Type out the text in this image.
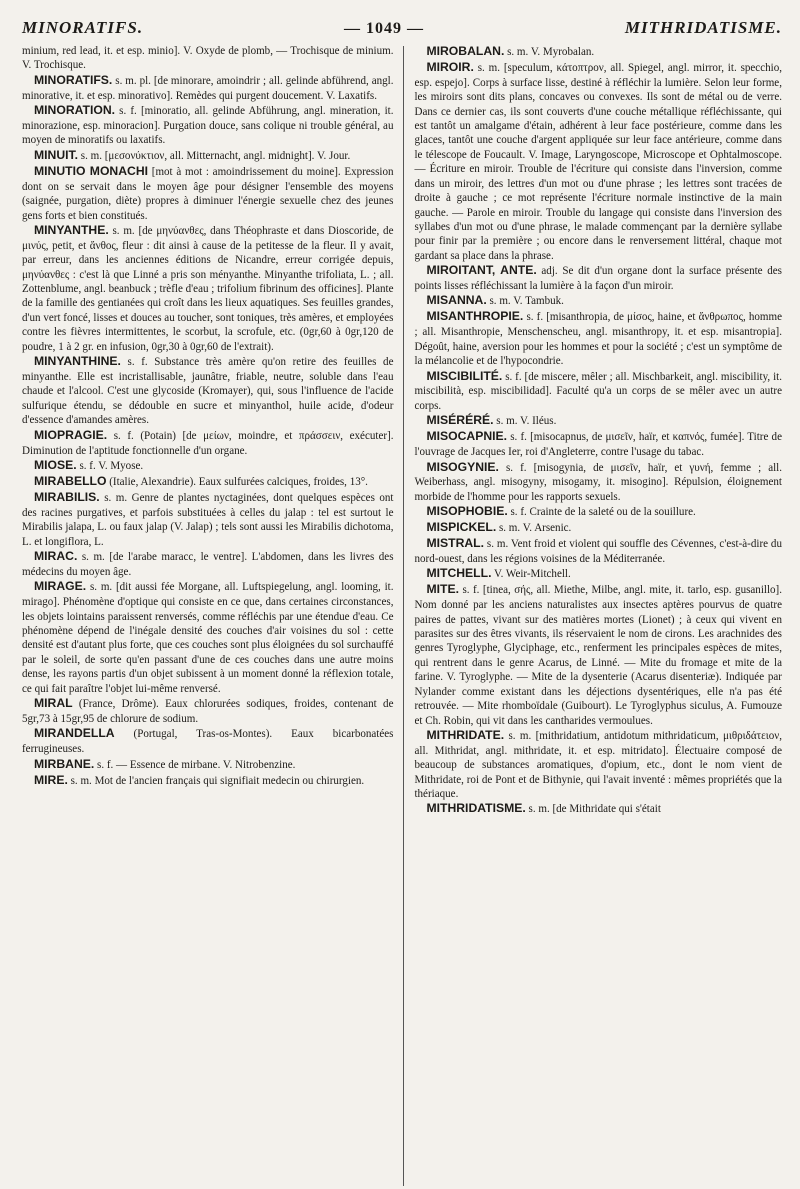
MINORATIFS.	— 1049 —	MITHRIDATISME.

minium, red lead, it. et esp. minio]. V. Oxyde de plomb, — Trochisque de minium. V. Trochisque.

MINORATIFS. s. m. pl. [de minorare, amoindrir ; all. gelinde abführend, angl. minorative, it. et esp. minorativo]. Remèdes qui purgent doucement. V. Laxatifs.

MINORATION. s. f. [minoratio, all. gelinde Abführung, angl. mineration, it. minorazione, esp. minoracion]. Purgation douce, sans colique ni trouble général, au moyen de minoratifs ou laxatifs.

MINUIT. s. m. [μεσονύκτιον, all. Mitternacht, angl. midnight]. V. Jour.

MINUTIO MONACHI [mot à mot : amoindrissement du moine]. Expression dont on se servait dans le moyen âge pour désigner l'ensemble des moyens (saignée, purgation, diète) propres à diminuer l'énergie sexuelle chez des jeunes gens forts et bien constitués.

MINYANTHE. s. m. [de μηνύανθες, dans Théophraste et dans Dioscoride, de μινύς, petit, et ἄνθος, fleur : dit ainsi à cause de la petitesse de la fleur. Il y avait, par erreur, dans les anciennes éditions de Nicandre, erreur corrigée depuis, μηνύανθες : c'est là que Linné a pris son ményanthe. Minyanthe trifoliata, L. ; all. Zottenblume, angl. beanbuck ; trèfle d'eau ; trifolium fibrinum des officines]. Plante de la famille des gentianées qui croît dans les lieux aquatiques. Ses feuilles grandes, d'un vert foncé, lisses et douces au toucher, sont toniques, très amères, et employées contre les fièvres intermittentes, le scorbut, la scrofule, etc. (0gr,60 à 0gr,120 de poudre, 1 à 2 gr. en infusion, 0gr,30 à 0gr,60 de l'extrait).

MINYANTHINE. s. f. Substance très amère qu'on retire des feuilles de minyanthe. Elle est incristallisable, jaunâtre, friable, neutre, soluble dans l'eau chaude et l'alcool. C'est une glycoside (Kromayer), qui, sous l'influence de l'acide sulfurique étendu, se dédouble en sucre et minyanthol, huile acide, d'odeur d'essence d'amandes amères.

MIOPRAGIE. s. f. (Potain) [de μείων, moindre, et πράσσειν, exécuter]. Diminution de l'aptitude fonctionnelle d'un organe.

MIOSE. s. f. V. Myose.

MIRABELLO (Italie, Alexandrie). Eaux sulfurées calciques, froides, 13°.

MIRABILIS. s. m. Genre de plantes nyctaginées, dont quelques espèces ont des racines purgatives, et parfois substituées à celles du jalap : tel est surtout le Mirabilis jalapa, L. ou faux jalap (V. Jalap) ; tels sont aussi les Mirabilis dichotoma, L. et longiflora, L.

MIRAC. s. m. [de l'arabe maracc, le ventre]. L'abdomen, dans les livres des médecins du moyen âge.

MIRAGE. s. m. [dit aussi fée Morgane, all. Luftspiegelung, angl. looming, it. mirago]. Phénomène d'optique qui consiste en ce que, dans certaines circonstances, les objets lointains paraissent renversés, comme réfléchis par une étendue d'eau. Ce phénomène dépend de l'inégale densité des couches d'air voisines du sol : cette densité est d'autant plus forte, que ces couches sont plus éloignées du sol surchauffé par le soleil, de sorte qu'en passant d'une de ces couches dans une autre moins dense, les rayons partis d'un objet subissent à un moment donné la réflexion totale, ce qui fait paraître l'objet lui-même renversé.

MIRAL (France, Drôme). Eaux chlorurées sodiques, froides, contenant de 5gr,73 à 15gr,95 de chlorure de sodium.

MIRANDELLA (Portugal, Tras-os-Montes). Eaux bicarbonatées ferrugineuses.

MIRBANE. s. f. — Essence de mirbane. V. Nitrobenzine.

MIRE. s. m. Mot de l'ancien français qui signifiait medecin ou chirurgien.

MIROBALAN. s. m. V. Myrobalan.

MIROIR. s. m. [speculum, κάτοπτρον, all. Spiegel, angl. mirror, it. specchio, esp. espejo]. Corps à surface lisse, destiné à réfléchir la lumière. Selon leur forme, les miroirs sont dits plans, concaves ou convexes. Ils sont de métal ou de verre. Dans ce dernier cas, ils sont couverts d'une couche métallique réfléchissante, qui est tantôt un amalgame d'étain, adhérent à leur face postérieure, comme dans les glaces, tantôt une couche d'argent appliquée sur leur face antérieure, comme dans le télescope de Foucault. V. Image, Laryngoscope, Microscope et Ophtalmoscope. — Écriture en miroir. Trouble de l'écriture qui consiste dans l'inversion, comme dans un miroir, des lettres d'un mot ou d'une phrase ; les lettres sont tracées de droite à gauche ; ce mot représente l'écriture normale instinctive de la main gauche. — Parole en miroir. Trouble du langage qui consiste dans l'inversion des syllabes d'un mot ou d'une phrase, le malade commençant par la dernière syllabe pour finir par la première ; ou encore dans le renversement littéral, chaque mot gardant sa place dans la phrase.

MIROITANT, ANTE. adj. Se dit d'un organe dont la surface présente des points lisses réfléchissant la lumière à la façon d'un miroir.

MISANNA. s. m. V. Tambuk.

MISANTHROPIE. s. f. [misanthropia, de μίσος, haine, et ἄνθρωπος, homme ; all. Misanthropie, Menschenscheu, angl. misanthropy, it. et esp. misantropia]. Dégoût, haine, aversion pour les hommes et pour la société ; c'est un symptôme de la mélancolie et de l'hypocondrie.

MISCIBILITÉ. s. f. [de miscere, mêler ; all. Mischbarkeit, angl. miscibility, it. miscibilità, esp. miscibilidad]. Faculté qu'a un corps de se mêler avec un autre corps.

MISÉRÉRÉ. s. m. V. Iléus.

MISOCAPNIE. s. f. [misocapnus, de μισεῖν, haïr, et καπνός, fumée]. Titre de l'ouvrage de Jacques Ier, roi d'Angleterre, contre l'usage du tabac.

MISOGYNIE. s. f. [misogynia, de μισεῖν, haïr, et γυνή, femme ; all. Weiberhass, angl. misogyny, misogamy, it. misogino]. Répulsion, éloignement morbide de l'homme pour les rapports sexuels.

MISOPHOBIE. s. f. Crainte de la saleté ou de la souillure.

MISPICKEL. s. m. V. Arsenic.

MISTRAL. s. m. Vent froid et violent qui souffle des Cévennes, c'est-à-dire du nord-ouest, dans les régions voisines de la Méditerranée.

MITCHELL. V. Weir-Mitchell.

MITE. s. f. [tinea, σής, all. Miethe, Milbe, angl. mite, it. tarlo, esp. gusanillo]. Nom donné par les anciens naturalistes aux insectes aptères pourvus de quatre paires de pattes, vivant sur des matières mortes (Lionet) ; à ceux qui vivent en parasites sur des êtres vivants, ils réservaient le nom de cirons. Les arachnides des genres Tyroglyphe, Glyciphage, etc., renferment les principales espèces de mites, qui rentrent dans le genre Acarus, de Linné. — Mite du fromage et mite de la farine. V. Tyroglyphe. — Mite de la dysenterie (Acarus disenteriæ). Indiquée par Nylander comme existant dans les déjections dysentériques, elle n'a pas été retrouvée. — Mite rhomboïdale (Guibourt). Le Tyroglyphus siculus, A. Fumouze et Ch. Robin, qui vit dans les cantharides vermoulues.

MITHRIDATE. s. m. [mithridatium, antidotum mithridaticum, μιθριδάτειον, all. Mithridat, angl. mithridate, it. et esp. mitridato]. Électuaire composé de beaucoup de substances aromatiques, d'opium, etc., dont le nom vient de Mithridate, roi de Pont et de Bithynie, qui l'avait inventé : mêmes propriétés que la thériaque.

MITHRIDATISME. s. m. [de Mithridate qui s'était
